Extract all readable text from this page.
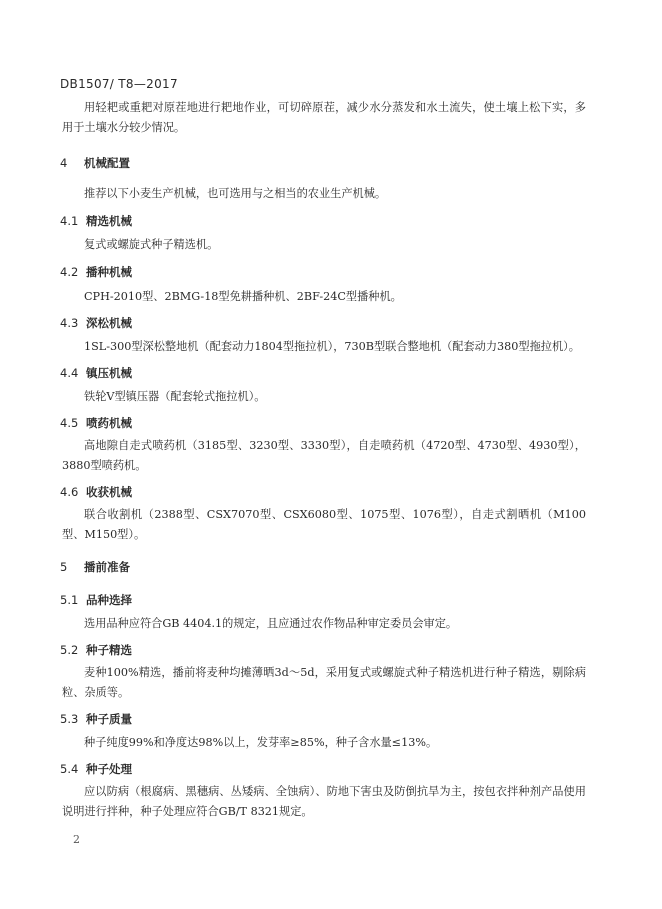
DB1507/ T8—2017

用轻耙或重耙对原茬地进行耙地作业，可切碎原茬，减少水分蒸发和水土流失，使土壤上松下实，多用于土壤水分较少情况。

4 机械配置

推荐以下小麦生产机械，也可选用与之相当的农业生产机械。

4.1 精选机械

复式或螺旋式种子精选机。

4.2 播种机械

CPH-2010型、2BMG-18型免耕播种机、2BF-24C型播种机。

4.3 深松机械

1SL-300型深松整地机（配套动力1804型拖拉机），730B型联合整地机（配套动力380型拖拉机）。

4.4 镇压机械

铁轮V型镇压器（配套轮式拖拉机）。

4.5 喷药机械

高地隙自走式喷药机（3185型、3230型、3330型），自走喷药机（4720型、4730型、4930型），3880型喷药机。

4.6 收获机械

联合收割机（2388型、CSX7070型、CSX6080型、1075型、1076型），自走式割晒机（M100型、M150型）。

5 播前准备
5.1 品种选择

选用品种应符合GB 4404.1的规定，且应通过农作物品种审定委员会审定。

5.2 种子精选

麦种100%精选，播前将麦种均摊薄晒3d～5d，采用复式或螺旋式种子精选机进行种子精选，剔除病粒、杂质等。

5.3 种子质量

种子纯度99%和净度达98%以上，发芽率≥85%，种子含水量≤13%。

5.4 种子处理

应以防病（根腐病、黑穗病、丛矮病、全蚀病）、防地下害虫及防倒抗旱为主，按包衣拌种剂产品使用说明进行拌种，种子处理应符合GB/T 8321规定。

2
